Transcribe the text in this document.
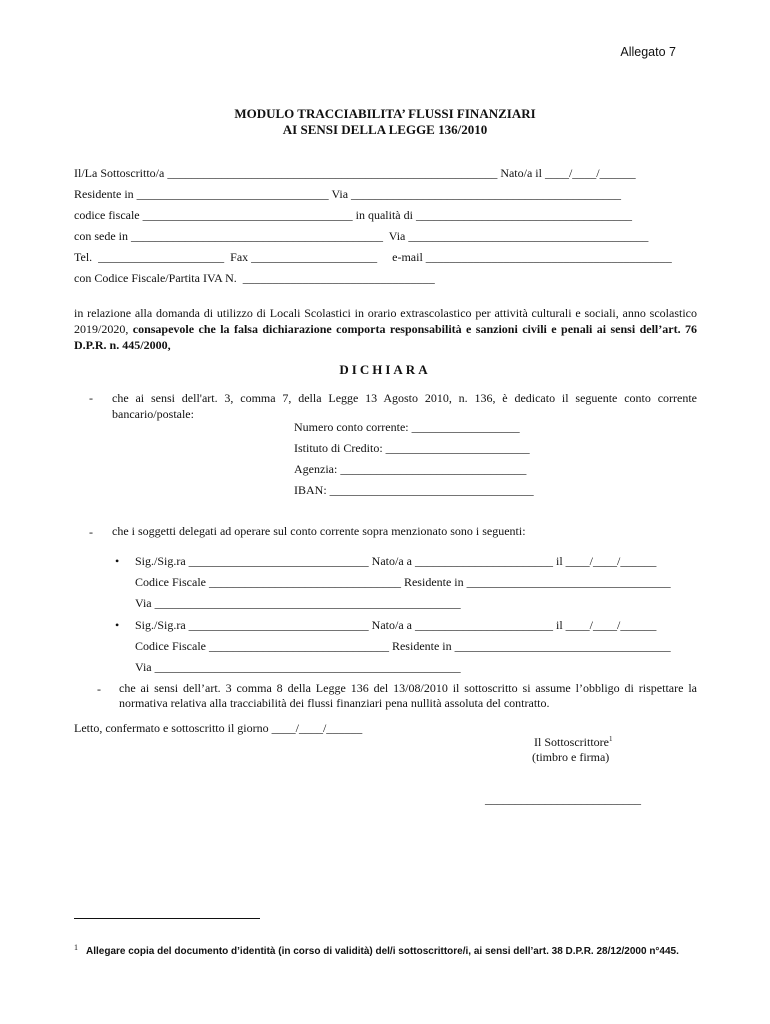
Allegato 7
MODULO TRACCIABILITA’ FLUSSI FINANZIARI
AI SENSI DELLA LEGGE 136/2010
Il/La Sottoscritto/a _______________________________________________________ Nato/a il ____/____/______
Residente in ________________________________ Via _____________________________________________
codice fiscale ___________________________________ in qualità di ____________________________________
con sede in __________________________________________  Via ________________________________________
Tel.  _____________________  Fax _____________________     e-mail _________________________________________
con Codice Fiscale/Partita IVA N.  ________________________________
in relazione alla domanda di utilizzo di Locali Scolastici in orario extrascolastico per attività culturali e sociali, anno scolastico 2019/2020, consapevole che la falsa dichiarazione comporta responsabilità e sanzioni civili e penali ai sensi dell’art. 76 D.P.R. n. 445/2000,
DICHIARA
- che ai sensi dell'art. 3, comma 7, della Legge 13 Agosto 2010, n. 136, è dedicato il seguente conto corrente bancario/postale:
Numero conto corrente: __________________
Istituto di Credito: ________________________
Agenzia: _______________________________
IBAN: __________________________________
- che i soggetti delegati ad operare sul conto corrente sopra menzionato sono i seguenti:
• Sig./Sig.ra ______________________________ Nato/a a _______________________ il ____/____/______
Codice Fiscale ________________________________ Residente in __________________________________
Via ___________________________________________________
• Sig./Sig.ra ______________________________ Nato/a a _______________________ il ____/____/______
Codice Fiscale ______________________________ Residente in ____________________________________
Via ___________________________________________________
- che ai sensi dell’art. 3 comma 8 della Legge 136 del 13/08/2010 il sottoscritto si assume l’obbligo di rispettare la normativa relativa alla tracciabilità dei flussi finanziari pena nullità assoluta del contratto.
Letto, confermato e sottoscritto il giorno ____/____/______
Il Sottoscrittore$^1$
(timbro e firma)
__________________________
$^1$ Allegare copia del documento d’identità (in corso di validità) del/i sottoscrittore/i, ai sensi dell’art. 38 D.P.R. 28/12/2000 n°445.
